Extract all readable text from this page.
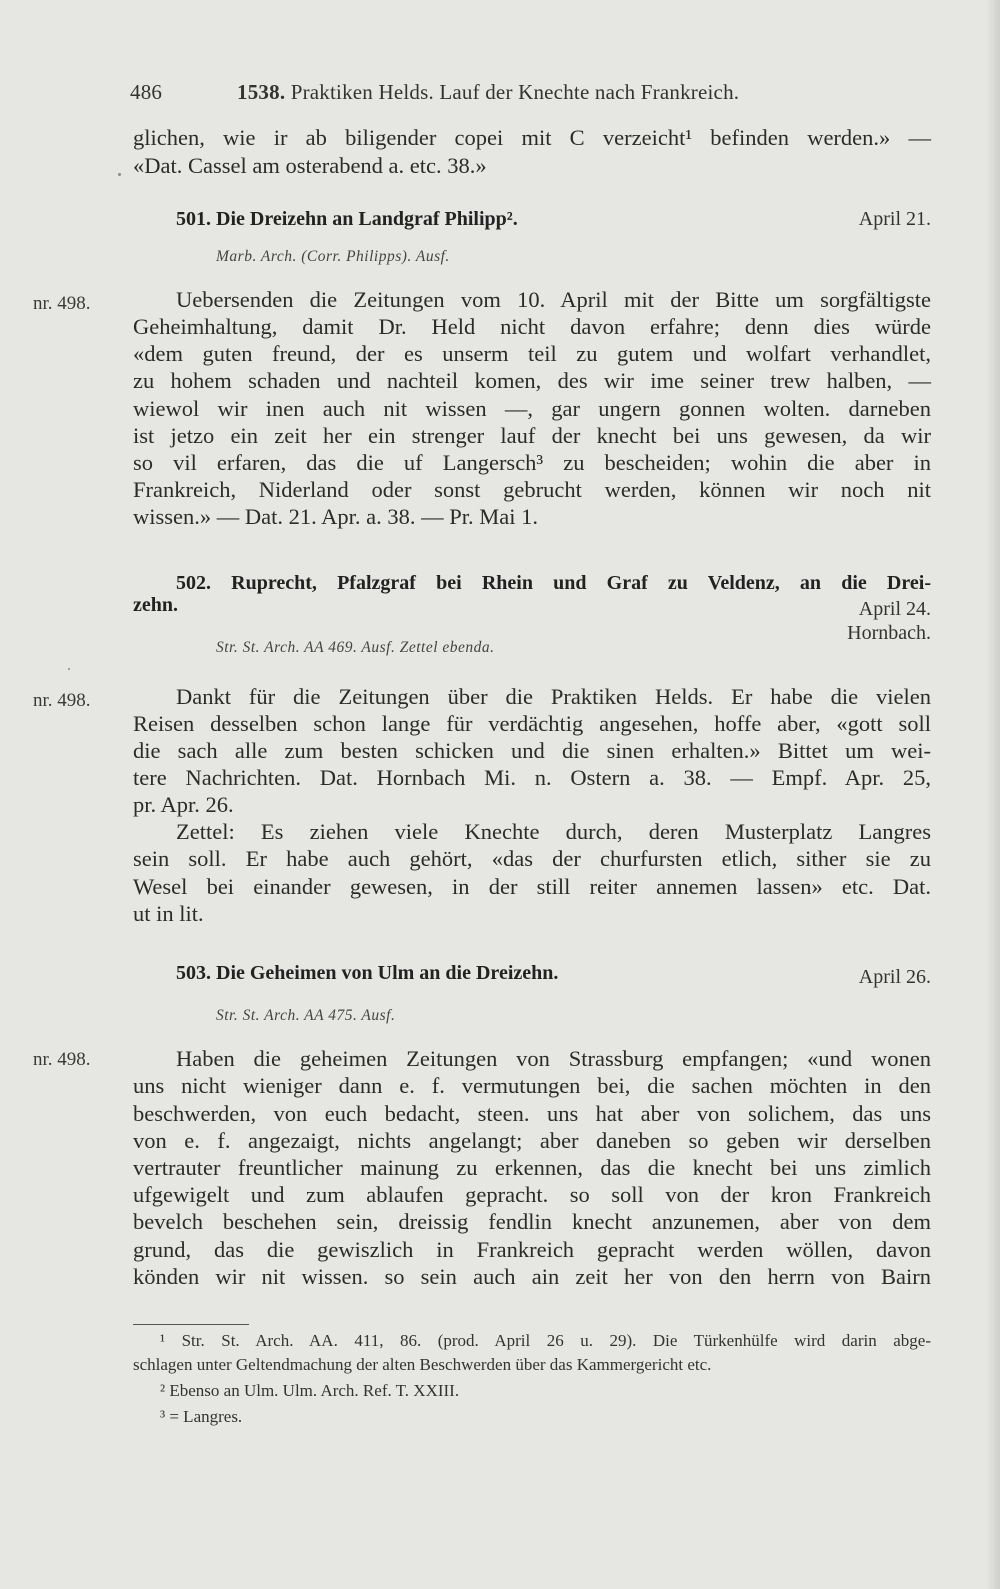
486	1538. Praktiken Helds. Lauf der Knechte nach Frankreich.
glichen, wie ir ab biligender copei mit C verzeicht¹ befinden werden.» —
«Dat. Cassel am osterabend a. etc. 38.»
501. Die Dreizehn an Landgraf Philipp².	April 21.
Marb. Arch. (Corr. Philipps). Ausf.
nr. 498.	Uebersenden die Zeitungen vom 10. April mit der Bitte um sorgfältigste
Geheimhaltung, damit Dr. Held nicht davon erfahre; denn dies würde
«dem guten freund, der es unserm teil zu gutem und wolfart verhandlet,
zu hohem schaden und nachteil komen, des wir ime seiner trew halben, —
wiewol wir inen auch nit wissen —, gar ungern gonnen wolten. darneben
ist jetzo ein zeit her ein strenger lauf der knecht bei uns gewesen, da wir
so vil erfaren, das die uf Langersch³ zu bescheiden; wohin die aber in
Frankreich, Niderland oder sonst gebrucht werden, können wir noch nit
wissen.» — Dat. 21. Apr. a. 38. — Pr. Mai 1.
502. Ruprecht, Pfalzgraf bei Rhein und Graf zu Veldenz, an die Drei-
zehn.	April 24.
Hornbach.
Str. St. Arch. AA 469. Ausf. Zettel ebenda.
nr. 498.	Dankt für die Zeitungen über die Praktiken Helds. Er habe die vielen
Reisen desselben schon lange für verdächtig angesehen, hoffe aber, «gott soll
die sach alle zum besten schicken und die sinen erhalten.» Bittet um wei-
tere Nachrichten. Dat. Hornbach Mi. n. Ostern a. 38. — Empf. Apr. 25,
pr. Apr. 26.
Zettel: Es ziehen viele Knechte durch, deren Musterplatz Langres
sein soll. Er habe auch gehört, «das der churfursten etlich, sither sie zu
Wesel bei einander gewesen, in der still reiter annemen lassen» etc. Dat.
ut in lit.
503. Die Geheimen von Ulm an die Dreizehn.	April 26.
Str. St. Arch. AA 475. Ausf.
nr. 498.	Haben die geheimen Zeitungen von Strassburg empfangen; «und wonen
uns nicht wieniger dann e. f. vermutungen bei, die sachen möchten in den
beschwerden, von euch bedacht, steen. uns hat aber von solichem, das uns
von e. f. angezaigt, nichts angelangt; aber daneben so geben wir derselben
vertrauter freuntlicher mainung zu erkennen, das die knecht bei uns zimlich
ufgewigelt und zum ablaufen gepracht. so soll von der kron Frankreich
bevelch beschehen sein, dreissig fendlin knecht anzunemen, aber von dem
grund, das die gewiszlich in Frankreich gepracht werden wöllen, davon
könden wir nit wissen. so sein auch ain zeit her von den herrn von Bairn
¹ Str. St. Arch. AA. 411, 86. (prod. April 26 u. 29). Die Türkenhülfe wird darin abge-
schlagen unter Geltendmachung der alten Beschwerden über das Kammergericht etc.
² Ebenso an Ulm. Ulm. Arch. Ref. T. XXIII.
³ = Langres.
